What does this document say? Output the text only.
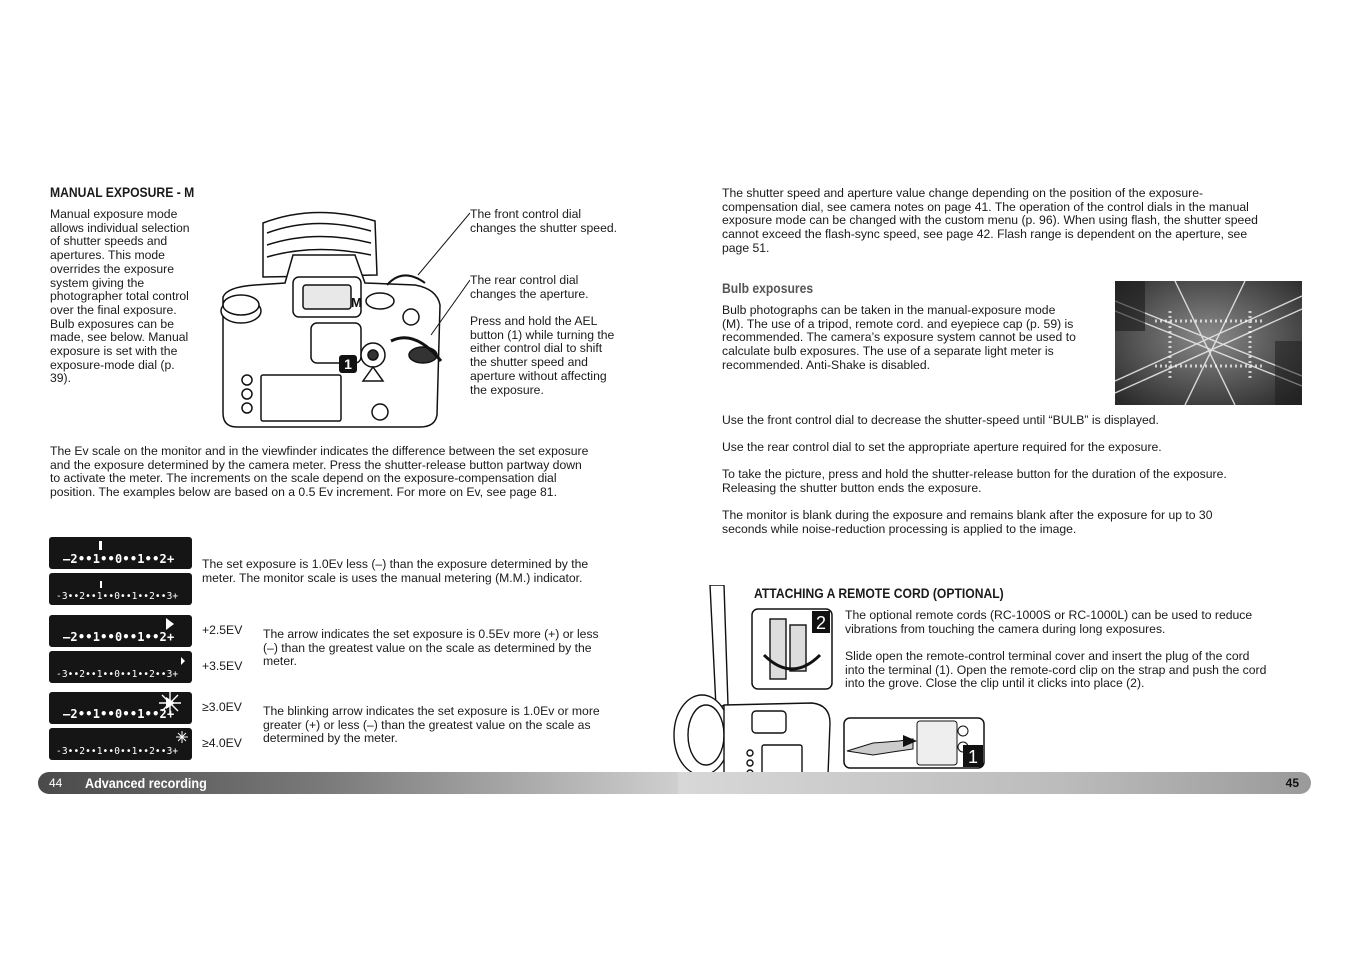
MANUAL EXPOSURE - M
Manual exposure mode
allows individual selection
of shutter speeds and
apertures. This mode
overrides the exposure
system giving the
photographer total control
over the final exposure.
Bulb exposures can be
made, see below. Manual
exposure is set with the
exposure-mode dial (p.
39).
1
M
The front control dial
changes the shutter speed.
The rear control dial
changes the aperture.
Press and hold the AEL
button (1) while turning the
either control dial to shift
the shutter speed and
aperture without affecting
the exposure.
The Ev scale on the monitor and in the viewfinder indicates the difference between the set exposure
and the exposure determined by the camera meter. Press the shutter-release button partway down
to activate the meter. The increments on the scale depend on the exposure-compensation dial
position. The examples below are based on a 0.5 Ev increment. For more on Ev, see page 81.
–2••1••0••1••2+
-3••2••1••0••1••2••3+
The set exposure is 1.0Ev less (–) than the exposure determined by the
meter. The monitor scale is uses the manual metering (M.M.) indicator.
–2••1••0••1••2+
-3••2••1••0••1••2••3+
+2.5EV
+3.5EV
The arrow indicates the set exposure is 0.5Ev more (+) or less
(–) than the greatest value on the scale as determined by the
meter.
–2••1••0••1••2+
-3••2••1••0••1••2••3+
≥3.0EV
≥4.0EV
The blinking arrow indicates the set exposure is 1.0Ev or more
greater (+) or less (–) than the greatest value on the scale as
determined by the meter.
44 Advanced recording
The shutter speed and aperture value change depending on the position of the exposure-
compensation dial, see camera notes on page 41. The operation of the control dials in the manual
exposure mode can be changed with the custom menu (p. 96). When using flash, the shutter speed
cannot exceed the flash-sync speed, see page 42. Flash range is dependent on the aperture, see
page 51.
Bulb exposures
Bulb photographs can be taken in the manual-exposure mode
(M). The use of a tripod, remote cord. and eyepiece cap (p. 59) is
recommended. The camera’s exposure system cannot be used to
calculate bulb exposures. The use of a separate light meter is
recommended. Anti-Shake is disabled.
Use the front control dial to decrease the shutter-speed until “BULB” is displayed.
Use the rear control dial to set the appropriate aperture required for the exposure.
To take the picture, press and hold the shutter-release button for the duration of the exposure.
Releasing the shutter button ends the exposure.
The monitor is blank during the exposure and remains blank after the exposure for up to 30
seconds while noise-reduction processing is applied to the image.
ATTACHING A REMOTE CORD (OPTIONAL)
The optional remote cords (RC-1000S or RC-1000L) can be used to reduce
vibrations from touching the camera during long exposures.
Slide open the remote-control terminal cover and insert the plug of the cord
into the terminal (1). Open the remote-cord clip on the strap and push the cord
into the grove. Close the clip until it clicks into place (2).
2
1
45
